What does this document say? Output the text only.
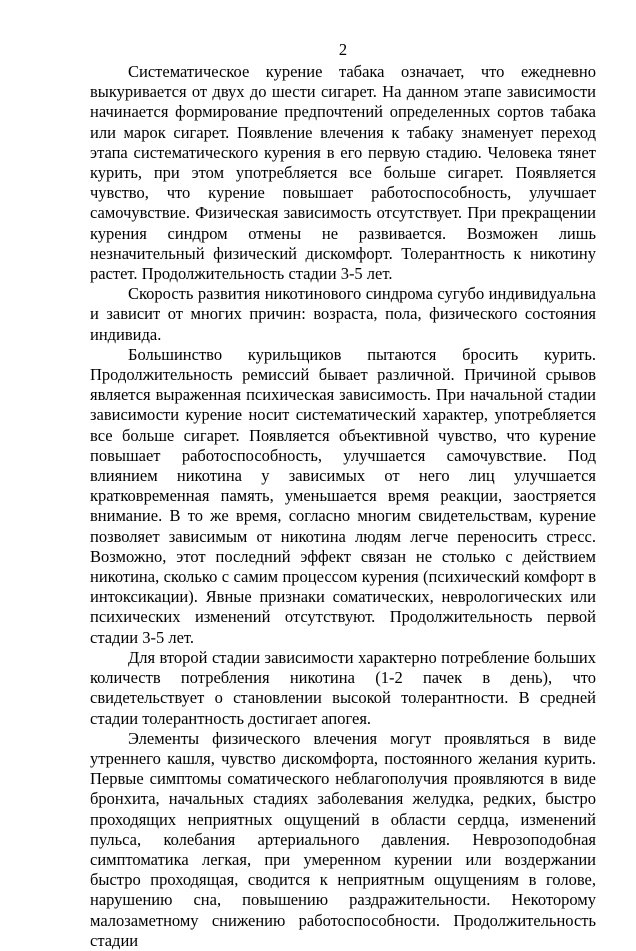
2

Систематическое курение табака означает, что ежедневно выкуривается от двух до шести сигарет. На данном этапе зависимости начинается формирование предпочтений определенных сортов табака или марок сигарет. Появление влечения к табаку знаменует переход этапа систематического курения в его первую стадию. Человека тянет курить, при этом употребляется все больше сигарет. Появляется чувство, что курение повышает работоспособность, улучшает самочувствие. Физическая зависимость отсутствует. При прекращении курения синдром отмены не развивается. Возможен лишь незначительный физический дискомфорт. Толерантность к никотину растет. Продолжительность стадии 3-5 лет.

Скорость развития никотинового синдрома сугубо индивидуальна и зависит от многих причин: возраста, пола, физического состояния индивида.

Большинство курильщиков пытаются бросить курить. Продолжительность ремиссий бывает различной. Причиной срывов является выраженная психическая зависимость. При начальной стадии зависимости курение носит систематический характер, употребляется все больше сигарет. Появляется объективной чувство, что курение повышает работоспособность, улучшается самочувствие. Под влиянием никотина у зависимых от него лиц улучшается кратковременная память, уменьшается время реакции, заостряется внимание. В то же время, согласно многим свидетельствам, курение позволяет зависимым от никотина людям легче переносить стресс. Возможно, этот последний эффект связан не столько с действием никотина, сколько с самим процессом курения (психический комфорт в интоксикации). Явные признаки соматических, неврологических или психических изменений отсутствуют. Продолжительность первой стадии 3-5 лет.

Для второй стадии зависимости характерно потребление больших количеств потребления никотина (1-2 пачек в день), что свидетельствует о становлении высокой толерантности. В средней стадии толерантность достигает апогея.

Элементы физического влечения могут проявляться в виде утреннего кашля, чувство дискомфорта, постоянного желания курить. Первые симптомы соматического неблагополучия проявляются в виде бронхита, начальных стадиях заболевания желудка, редких, быстро проходящих неприятных ощущений в области сердца, изменений пульса, колебания артериального давления. Неврозоподобная симптоматика легкая, при умеренном курении или воздержании быстро проходящая, сводится к неприятным ощущениям в голове, нарушению сна, повышению раздражительности. Некоторому малозаметному снижению работоспособности. Продолжительность стадии
